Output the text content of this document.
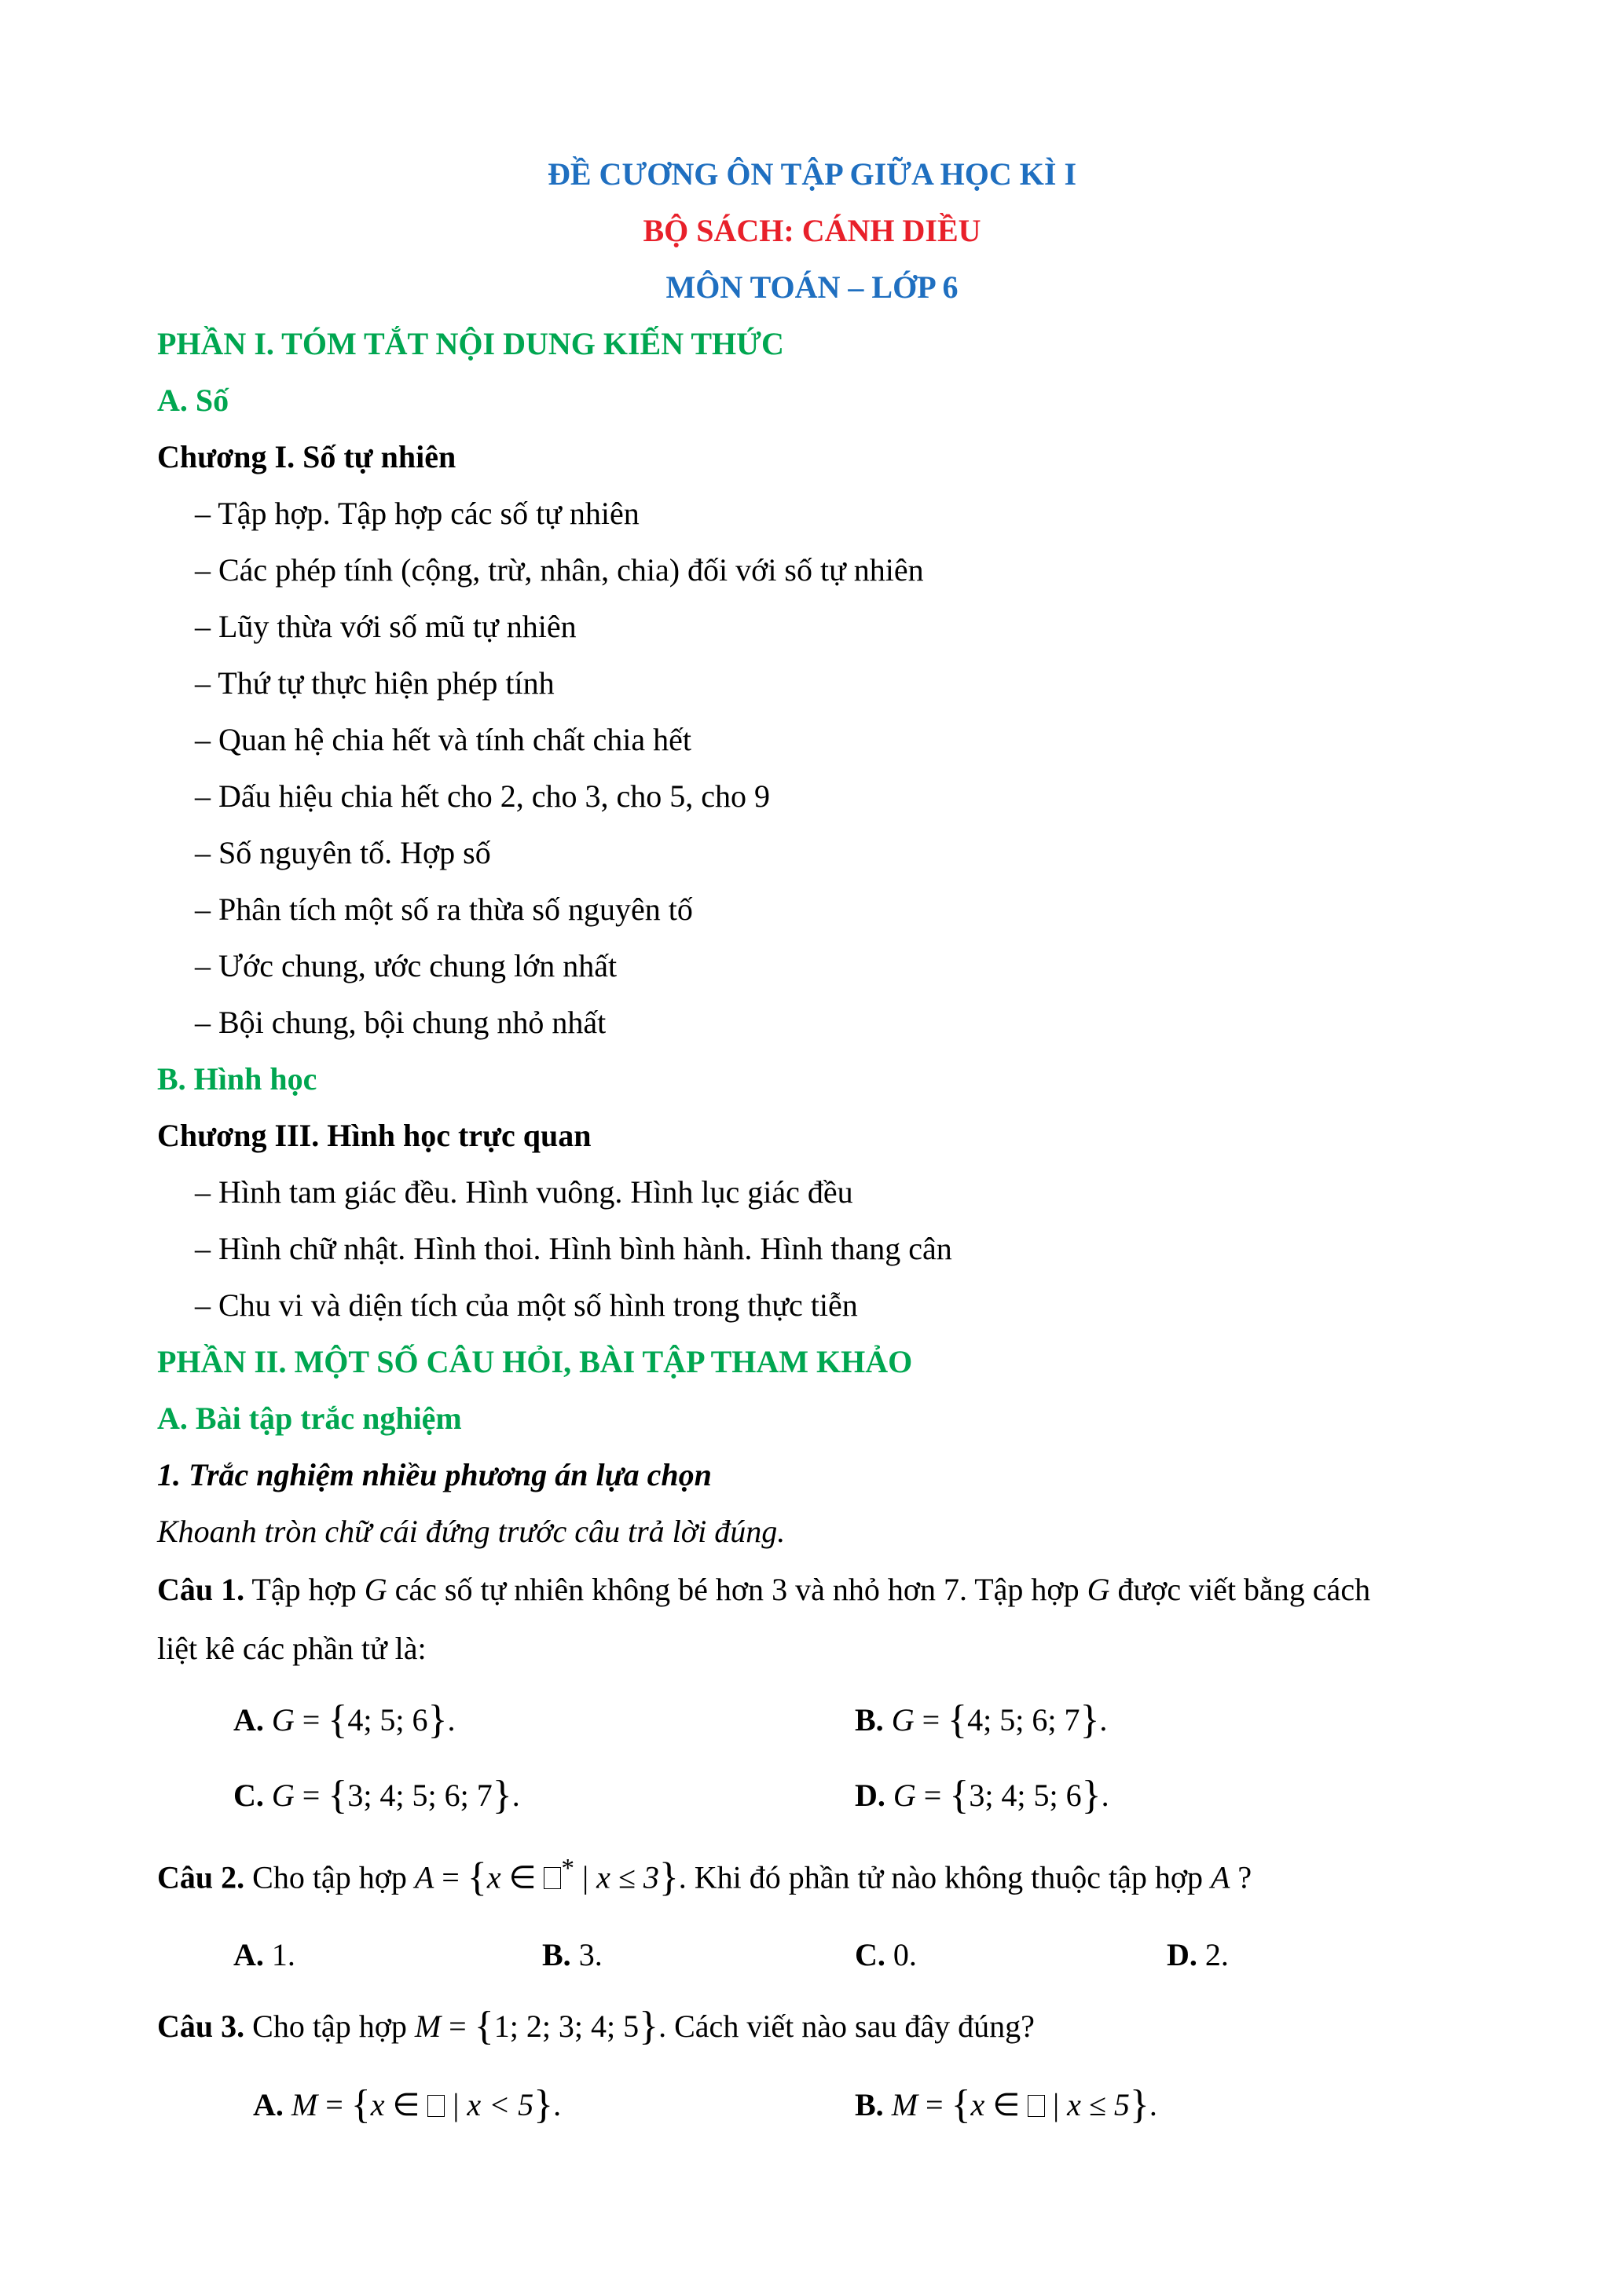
ĐỀ CƯƠNG ÔN TẬP GIỮA HỌC KÌ I
BỘ SÁCH: CÁNH DIỀU
MÔN TOÁN – LỚP 6
PHẦN I. TÓM TẮT NỘI DUNG KIẾN THỨC
A. Số
Chương I. Số tự nhiên
– Tập hợp. Tập hợp các số tự nhiên
– Các phép tính (cộng, trừ, nhân, chia) đối với số tự nhiên
– Lũy thừa với số mũ tự nhiên
– Thứ tự thực hiện phép tính
– Quan hệ chia hết và tính chất chia hết
– Dấu hiệu chia hết cho 2, cho 3, cho 5, cho 9
– Số nguyên tố. Hợp số
– Phân tích một số ra thừa số nguyên tố
– Ước chung, ước chung lớn nhất
– Bội chung, bội chung nhỏ nhất
B. Hình học
Chương III. Hình học trực quan
– Hình tam giác đều. Hình vuông. Hình lục giác đều
– Hình chữ nhật. Hình thoi. Hình bình hành. Hình thang cân
– Chu vi và diện tích của một số hình trong thực tiễn
PHẦN II. MỘT SỐ CÂU HỎI, BÀI TẬP THAM KHẢO
A. Bài tập trắc nghiệm
1. Trắc nghiệm nhiều phương án lựa chọn
Khoanh tròn chữ cái đứng trước câu trả lời đúng.
Câu 1. Tập hợp G các số tự nhiên không bé hơn 3 và nhỏ hơn 7. Tập hợp G được viết bằng cách
liệt kê các phần tử là:
A. G = {4; 5; 6}.	B. G = {4; 5; 6; 7}.
C. G = {3; 4; 5; 6; 7}.	D. G = {3; 4; 5; 6}.
Câu 2. Cho tập hợp A = {x ∈ * | x ≤ 3}. Khi đó phần tử nào không thuộc tập hợp A ?
A. 1.	B. 3.	C. 0.	D. 2.
Câu 3. Cho tập hợp M = {1; 2; 3; 4; 5}. Cách viết nào sau đây đúng?
A. M = {x ∈  | x < 5}.	B. M = {x ∈  | x ≤ 5}.
